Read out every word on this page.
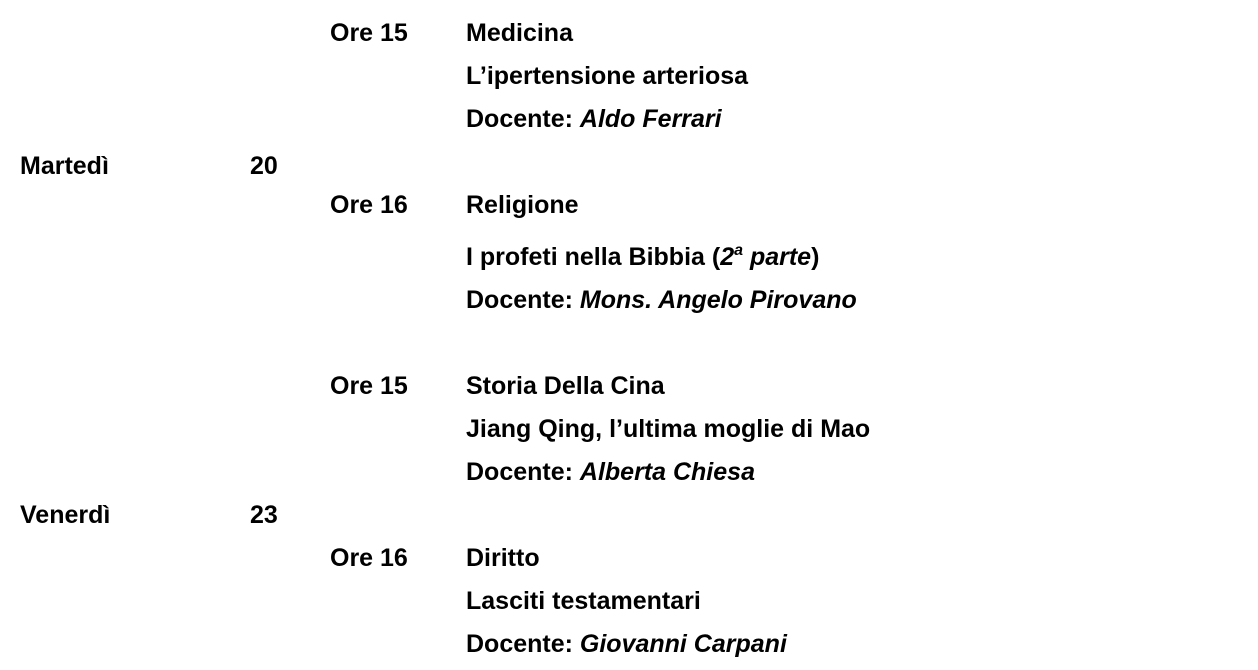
Ore 15 Medicina
L’ipertensione arteriosa
Docente: Aldo Ferrari
Martedì	20
Ore 16 Religione
I profeti nella Bibbia (2$^a$ parte)
Docente: Mons. Angelo Pirovano
Ore 15 Storia Della Cina
Jiang Qing, l’ultima moglie di Mao
Docente: Alberta Chiesa
Venerdì	23
Ore 16 Diritto
Lasciti testamentari
Docente: Giovanni Carpani
